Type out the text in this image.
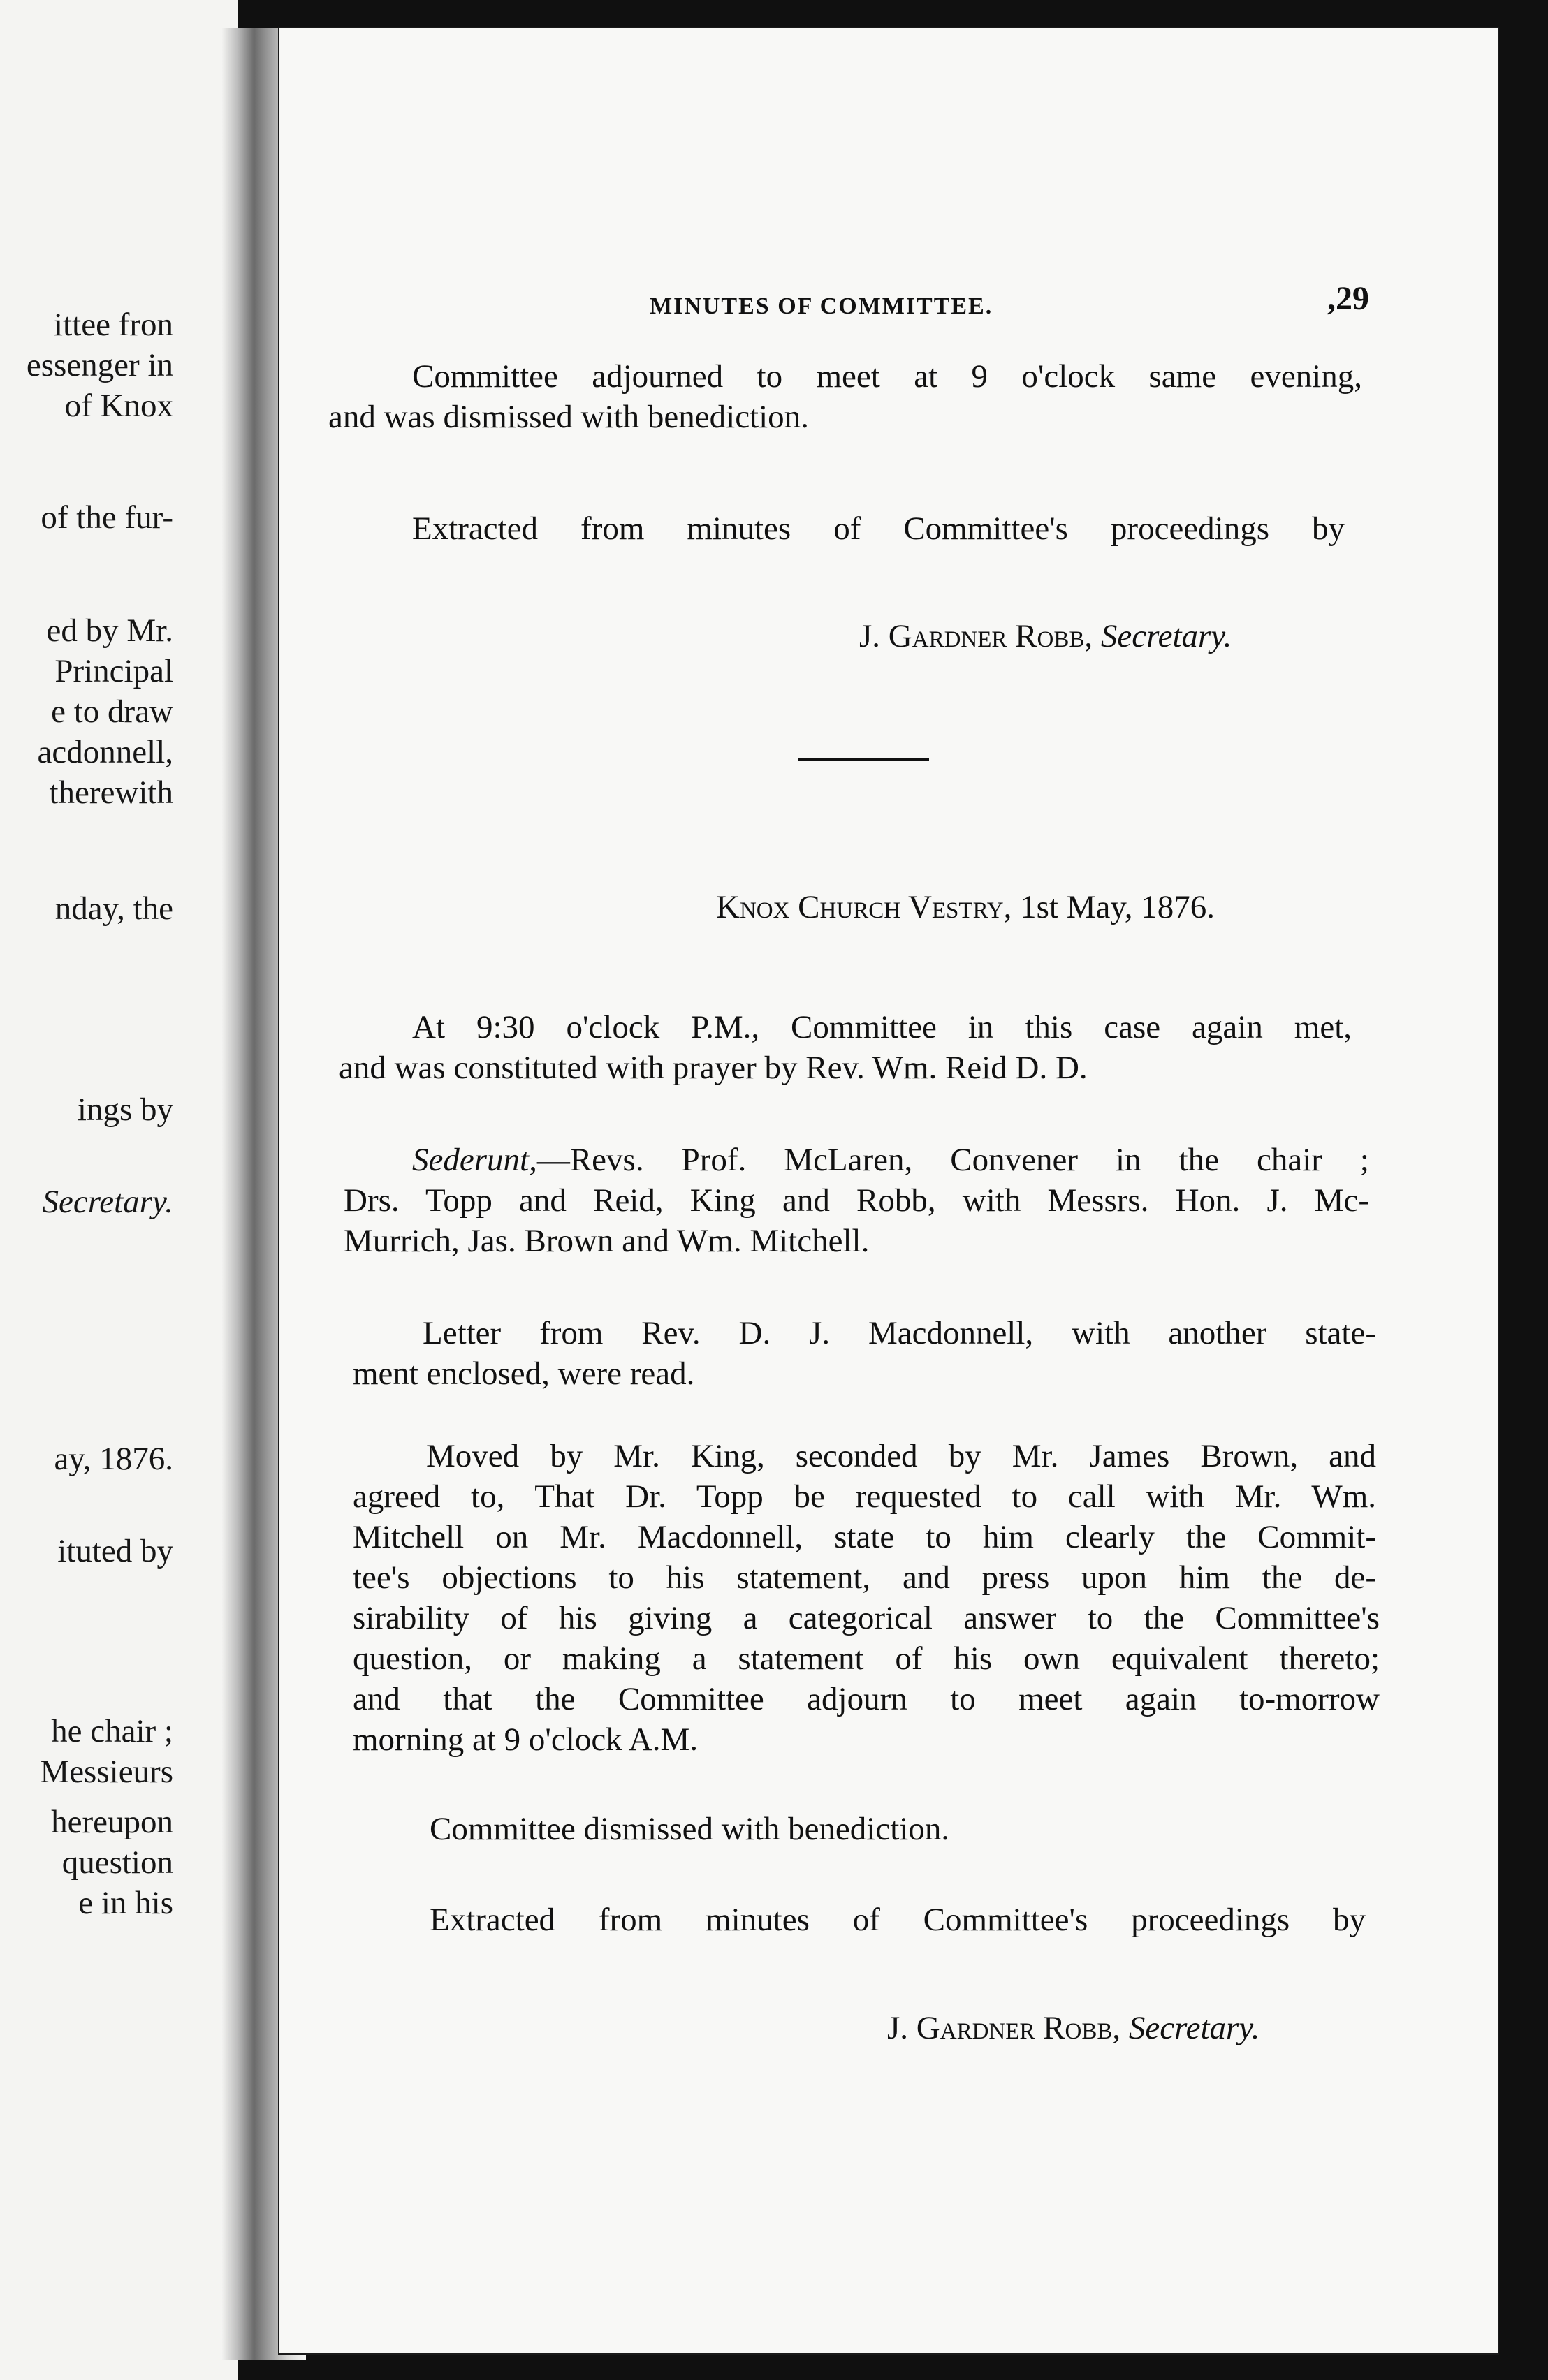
ittee fron
essenger in
of Knox
of the fur-
ed by Mr.
Principal
e to draw
acdonnell,
therewith
nday, the
ings by
Secretary.
ay, 1876.
ituted by
he chair ;
Messieurs
hereupon
question
e in his
MINUTES OF COMMITTEE.	,29
Committee adjourned to meet at 9 o'clock same evening,
and was dismissed with benediction.
Extracted from minutes of Committee's proceedings by
J. Gardner Robb, Secretary.
Knox Church Vestry, 1st May, 1876.
At 9:30 o'clock P.M., Committee in this case again met,
and was constituted with prayer by Rev. Wm. Reid D. D.
Sederunt,—Revs. Prof. McLaren, Convener in the chair ;
Drs. Topp and Reid, King and Robb, with Messrs. Hon. J. Mc-
Murrich, Jas. Brown and Wm. Mitchell.
Letter from Rev. D. J. Macdonnell, with another state-
ment enclosed, were read.
Moved by Mr. King, seconded by Mr. James Brown, and
agreed to, That Dr. Topp be requested to call with Mr. Wm.
Mitchell on Mr. Macdonnell, state to him clearly the Commit-
tee's objections to his statement, and press upon him the de-
sirability of his giving a categorical answer to the Committee's
question, or making a statement of his own equivalent thereto;
and that the Committee adjourn to meet again to-morrow
morning at 9 o'clock A.M.
Committee dismissed with benediction.
Extracted from minutes of Committee's proceedings by
J. Gardner Robb, Secretary.
